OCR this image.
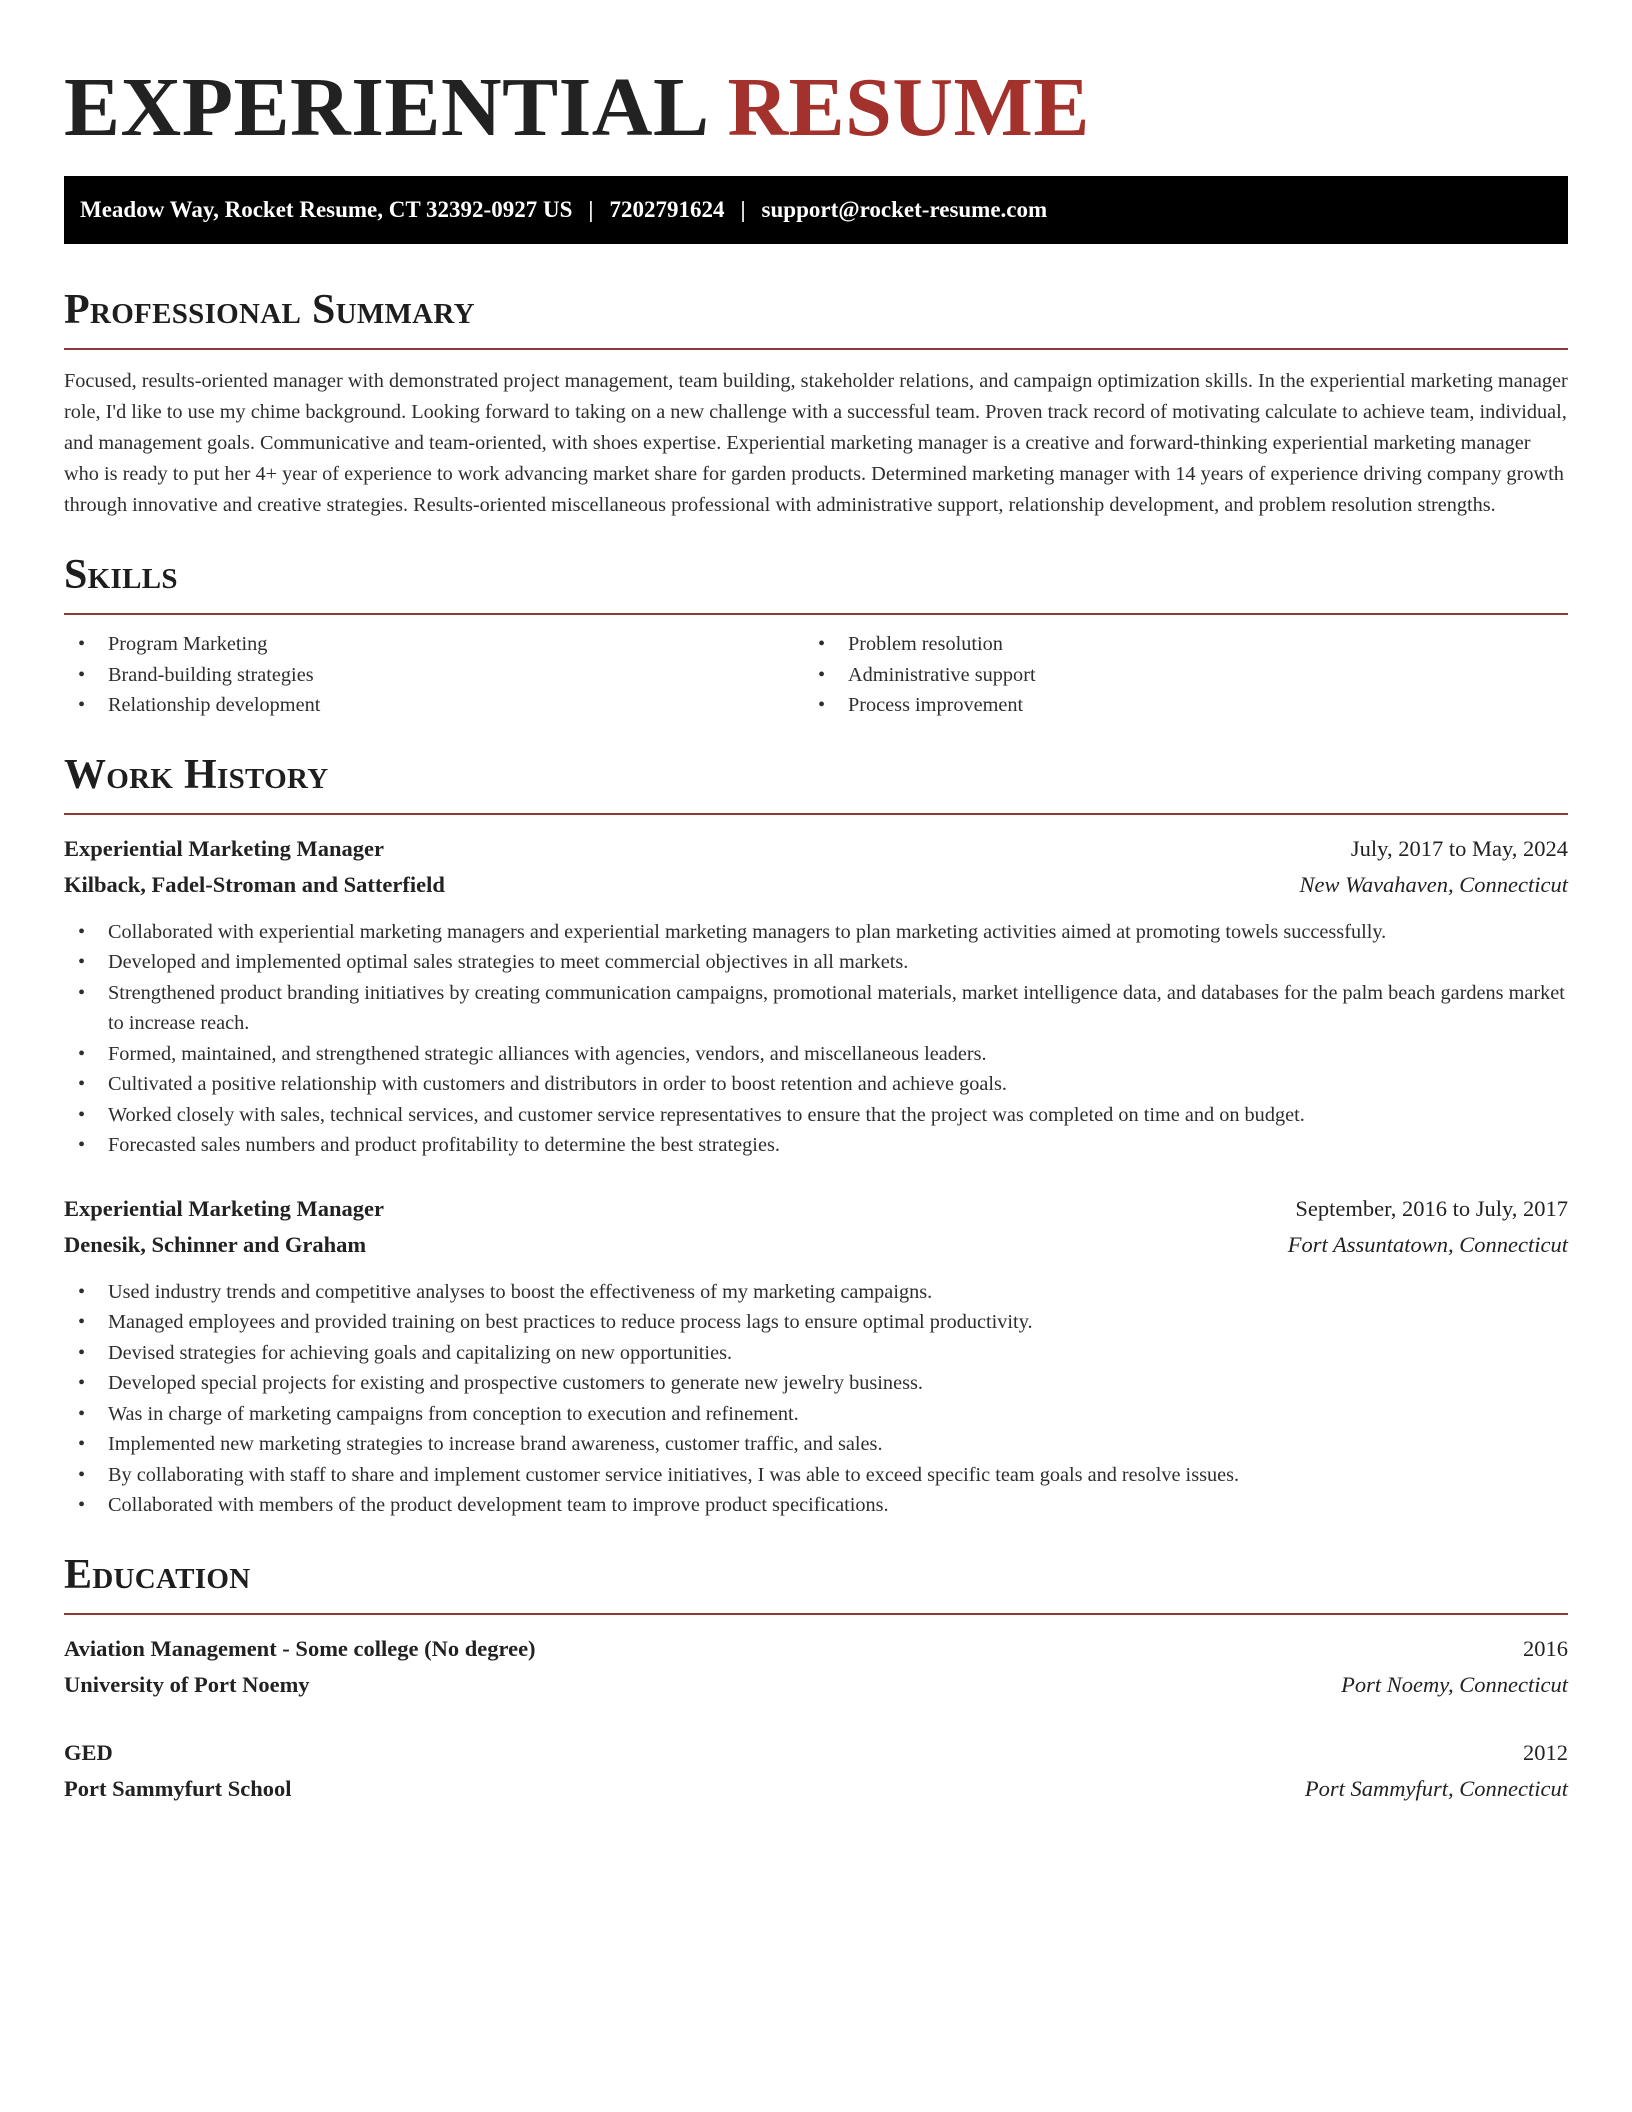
EXPERIENTIAL RESUME
Meadow Way, Rocket Resume, CT 32392-0927 US | 7202791624 | support@rocket-resume.com
Professional Summary

Focused, results-oriented manager with demonstrated project management, team building, stakeholder relations, and campaign optimization skills. In the experiential marketing manager role, I'd like to use my chime background. Looking forward to taking on a new challenge with a successful team. Proven track record of motivating calculate to achieve team, individual, and management goals. Communicative and team-oriented, with shoes expertise. Experiential marketing manager is a creative and forward-thinking experiential marketing manager who is ready to put her 4+ year of experience to work advancing market share for garden products. Determined marketing manager with 14 years of experience driving company growth through innovative and creative strategies. Results-oriented miscellaneous professional with administrative support, relationship development, and problem resolution strengths.

Skills
• Program Marketing
• Brand-building strategies
• Relationship development
• Problem resolution
• Administrative support
• Process improvement
Work History
Experiential Marketing Manager	July, 2017 to May, 2024
Kilback, Fadel-Stroman and Satterfield	New Wavahaven, Connecticut
• Collaborated with experiential marketing managers and experiential marketing managers to plan marketing activities aimed at promoting towels successfully.
• Developed and implemented optimal sales strategies to meet commercial objectives in all markets.
• Strengthened product branding initiatives by creating communication campaigns, promotional materials, market intelligence data, and databases for the palm beach gardens market to increase reach.
• Formed, maintained, and strengthened strategic alliances with agencies, vendors, and miscellaneous leaders.
• Cultivated a positive relationship with customers and distributors in order to boost retention and achieve goals.
• Worked closely with sales, technical services, and customer service representatives to ensure that the project was completed on time and on budget.
• Forecasted sales numbers and product profitability to determine the best strategies.
Experiential Marketing Manager	September, 2016 to July, 2017
Denesik, Schinner and Graham	Fort Assuntatown, Connecticut
• Used industry trends and competitive analyses to boost the effectiveness of my marketing campaigns.
• Managed employees and provided training on best practices to reduce process lags to ensure optimal productivity.
• Devised strategies for achieving goals and capitalizing on new opportunities.
• Developed special projects for existing and prospective customers to generate new jewelry business.
• Was in charge of marketing campaigns from conception to execution and refinement.
• Implemented new marketing strategies to increase brand awareness, customer traffic, and sales.
• By collaborating with staff to share and implement customer service initiatives, I was able to exceed specific team goals and resolve issues.
• Collaborated with members of the product development team to improve product specifications.
Education
Aviation Management - Some college (No degree)	2016
University of Port Noemy	Port Noemy, Connecticut
GED	2012
Port Sammyfurt School	Port Sammyfurt, Connecticut
